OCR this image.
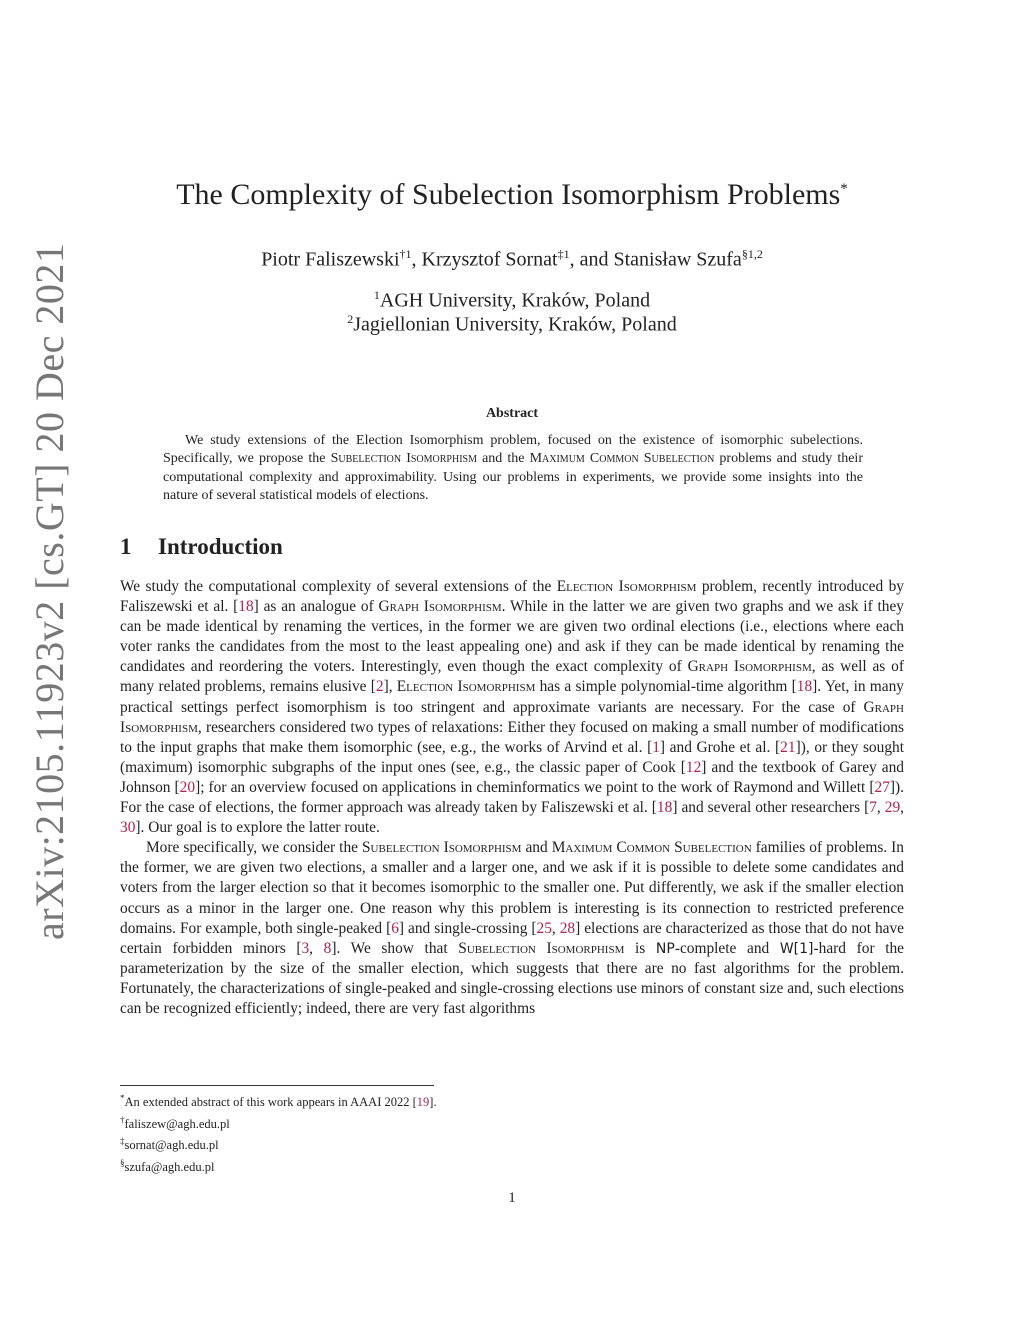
arXiv:2105.11923v2 [cs.GT] 20 Dec 2021
The Complexity of Subelection Isomorphism Problems*
Piotr Faliszewski$^{\dagger 1}$, Krzysztof Sornat$^{\ddagger 1}$, and Stanisław Szufa$^{\S 1,2}$
$^1$AGH University, Kraków, Poland
$^2$Jagiellonian University, Kraków, Poland
Abstract
We study extensions of the Election Isomorphism problem, focused on the existence of isomorphic subelections. Specifically, we propose the Subelection Isomorphism and the Maximum Common Subelection problems and study their computational complexity and approximability. Using our problems in experiments, we provide some insights into the nature of several statistical models of elections.
1 Introduction

We study the computational complexity of several extensions of the Election Isomorphism problem, recently introduced by Faliszewski et al. [18] as an analogue of Graph Isomorphism. While in the latter we are given two graphs and we ask if they can be made identical by renaming the vertices, in the former we are given two ordinal elections (i.e., elections where each voter ranks the candidates from the most to the least appealing one) and ask if they can be made identical by renaming the candidates and reordering the voters. Interestingly, even though the exact complexity of Graph Isomorphism, as well as of many related problems, remains elusive [2], Election Isomorphism has a simple polynomial-time algorithm [18]. Yet, in many practical settings perfect isomorphism is too stringent and approximate variants are necessary. For the case of Graph Isomorphism, researchers considered two types of relaxations: Either they focused on making a small number of modifications to the input graphs that make them isomorphic (see, e.g., the works of Arvind et al. [1] and Grohe et al. [21]), or they sought (maximum) isomorphic subgraphs of the input ones (see, e.g., the classic paper of Cook [12] and the textbook of Garey and Johnson [20]; for an overview focused on applications in cheminformatics we point to the work of Raymond and Willett [27]). For the case of elections, the former approach was already taken by Faliszewski et al. [18] and several other researchers [7, 29, 30]. Our goal is to explore the latter route.

More specifically, we consider the Subelection Isomorphism and Maximum Common Subelection families of problems. In the former, we are given two elections, a smaller and a larger one, and we ask if it is possible to delete some candidates and voters from the larger election so that it becomes isomorphic to the smaller one. Put differently, we ask if the smaller election occurs as a minor in the larger one. One reason why this problem is interesting is its connection to restricted preference domains. For example, both single-peaked [6] and single-crossing [25, 28] elections are characterized as those that do not have certain forbidden minors [3, 8]. We show that Subelection Isomorphism is NP-complete and W[1]-hard for the parameterization by the size of the smaller election, which suggests that there are no fast algorithms for the problem. Fortunately, the characterizations of single-peaked and single-crossing elections use minors of constant size and, such elections can be recognized efficiently; indeed, there are very fast algorithms

*An extended abstract of this work appears in AAAI 2022 [19].
†faliszew@agh.edu.pl
‡sornat@agh.edu.pl
§szufa@agh.edu.pl
1
